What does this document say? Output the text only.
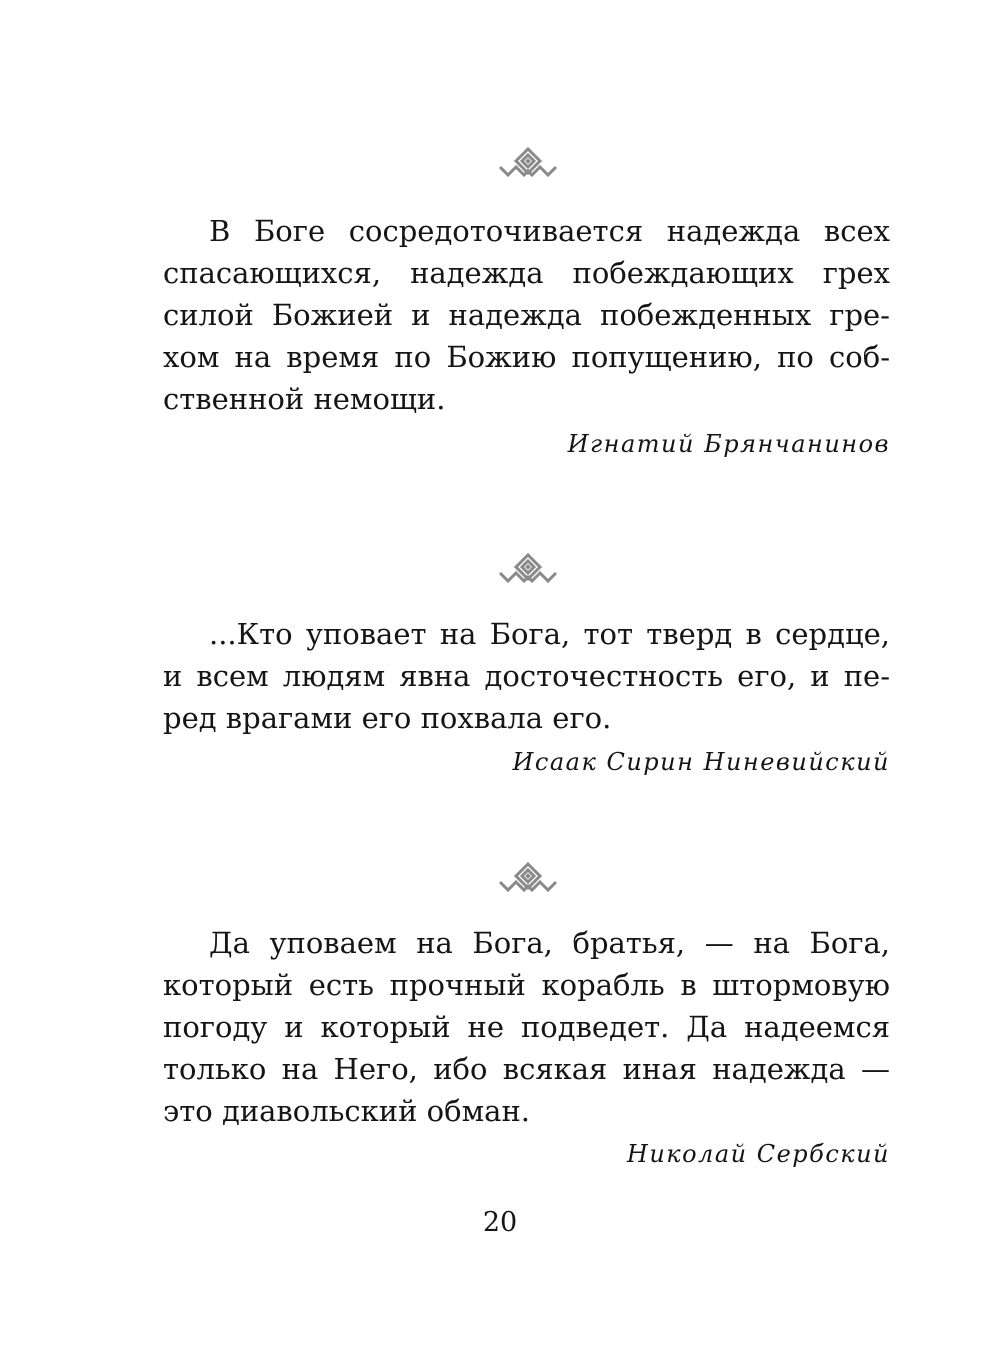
В Боге сосредоточивается надежда всех
спасающихся, надежда побеждающих грех
силой Божией и надежда побежденных гре-
хом на время по Божию попущению, по соб-
ственной немощи.
Игнатий Брянчанинов
...Кто уповает на Бога, тот тверд в сердце,
и всем людям явна досточестность его, и пе-
ред врагами его похвала его.
Исаак Сирин Ниневийский
Да уповаем на Бога, братья, — на Бога,
который есть прочный корабль в штормовую
погоду и который не подведет. Да надеемся
только на Него, ибо всякая иная надежда —
это диавольский обман.
Николай Сербский
20
